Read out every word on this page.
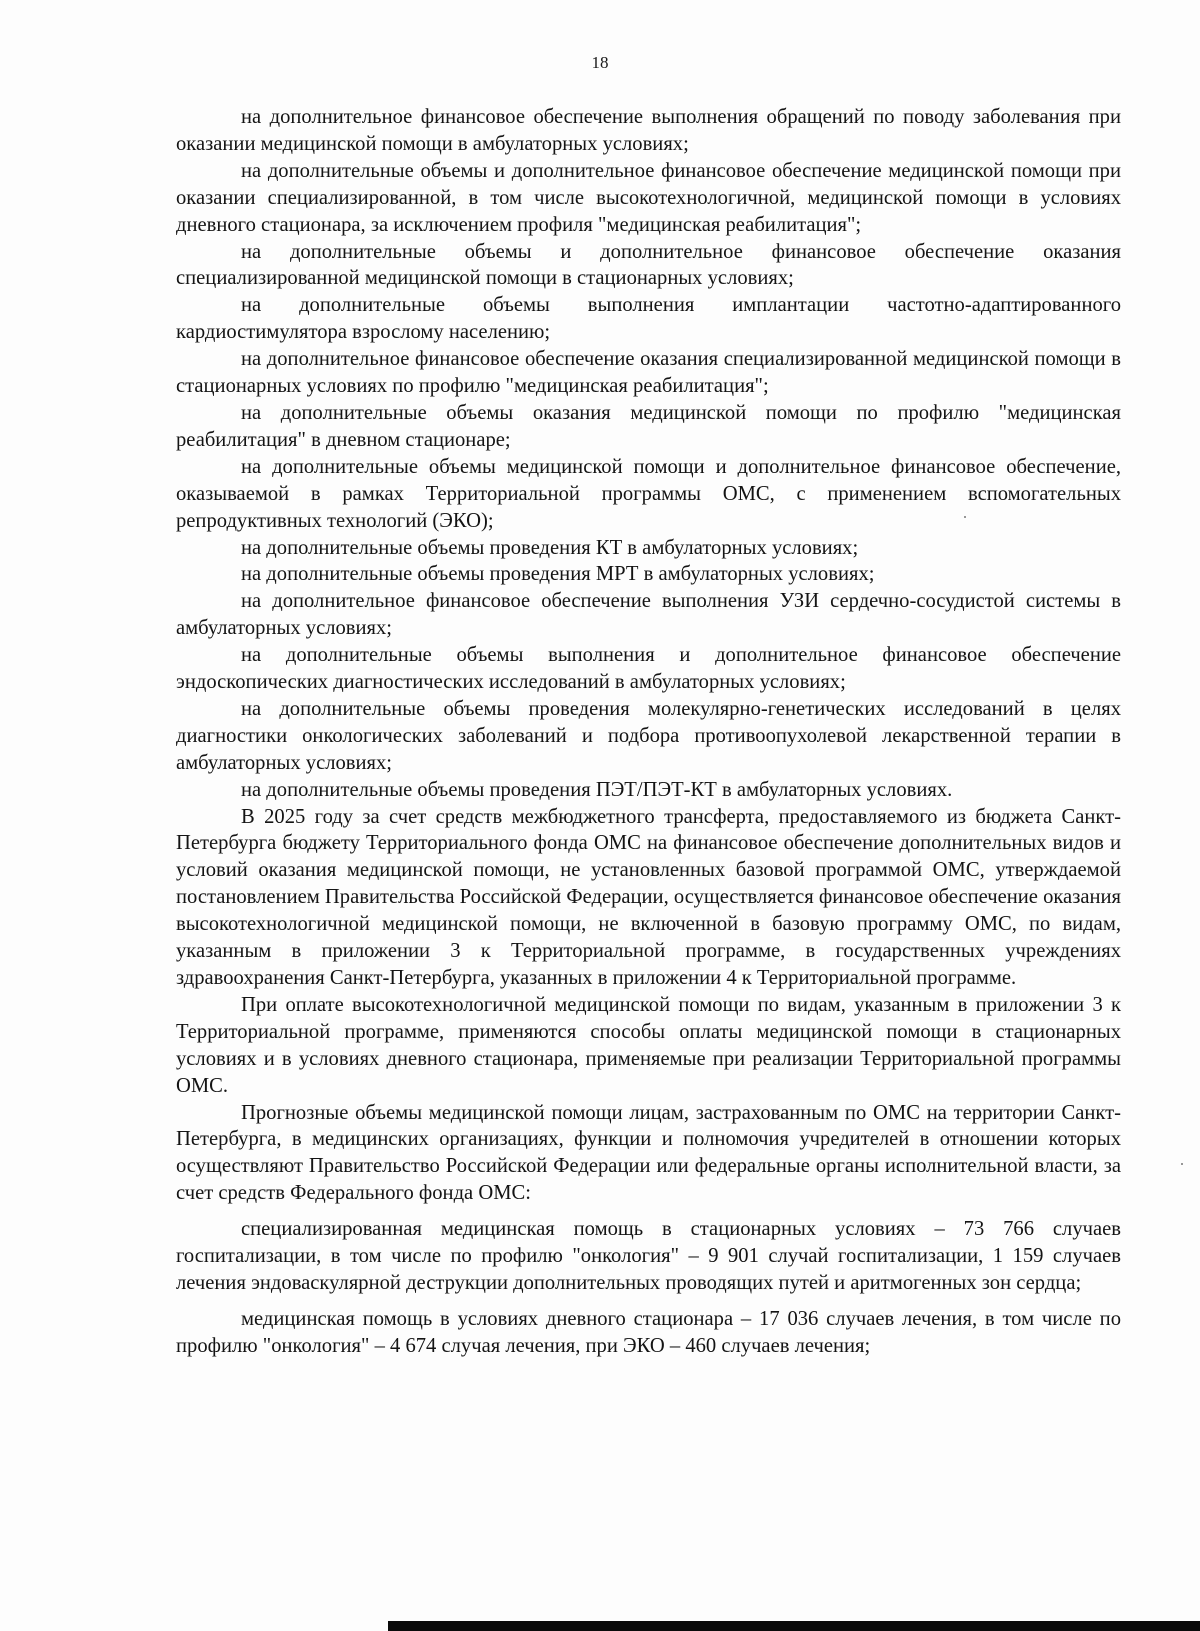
18

на дополнительное финансовое обеспечение выполнения обращений по поводу заболевания при оказании медицинской помощи в амбулаторных условиях;

на дополнительные объемы и дополнительное финансовое обеспечение медицинской помощи при оказании специализированной, в том числе высокотехнологичной, медицинской помощи в условиях дневного стационара, за исключением профиля "медицинская реабилитация";

на дополнительные объемы и дополнительное финансовое обеспечение оказания специализированной медицинской помощи в стационарных условиях;

на дополнительные объемы выполнения имплантации частотно-адаптированного кардиостимулятора взрослому населению;

на дополнительное финансовое обеспечение оказания специализированной медицинской помощи в стационарных условиях по профилю "медицинская реабилитация";

на дополнительные объемы оказания медицинской помощи по профилю "медицинская реабилитация" в дневном стационаре;

на дополнительные объемы медицинской помощи и дополнительное финансовое обеспечение, оказываемой в рамках Территориальной программы ОМС, с применением вспомогательных репродуктивных технологий (ЭКО);

на дополнительные объемы проведения КТ в амбулаторных условиях;

на дополнительные объемы проведения МРТ в амбулаторных условиях;

на дополнительное финансовое обеспечение выполнения УЗИ сердечно-сосудистой системы в амбулаторных условиях;

на дополнительные объемы выполнения и дополнительное финансовое обеспечение эндоскопических диагностических исследований в амбулаторных условиях;

на дополнительные объемы проведения молекулярно-генетических исследований в целях диагностики онкологических заболеваний и подбора противоопухолевой лекарственной терапии в амбулаторных условиях;

на дополнительные объемы проведения ПЭТ/ПЭТ-КТ в амбулаторных условиях.

В 2025 году за счет средств межбюджетного трансферта, предоставляемого из бюджета Санкт-Петербурга бюджету Территориального фонда ОМС на финансовое обеспечение дополнительных видов и условий оказания медицинской помощи, не установленных базовой программой ОМС, утверждаемой постановлением Правительства Российской Федерации, осуществляется финансовое обеспечение оказания высокотехнологичной медицинской помощи, не включенной в базовую программу ОМС, по видам, указанным в приложении 3 к Территориальной программе, в государственных учреждениях здравоохранения Санкт-Петербурга, указанных в приложении 4 к Территориальной программе.

При оплате высокотехнологичной медицинской помощи по видам, указанным в приложении 3 к Территориальной программе, применяются способы оплаты медицинской помощи в стационарных условиях и в условиях дневного стационара, применяемые при реализации Территориальной программы ОМС.

Прогнозные объемы медицинской помощи лицам, застрахованным по ОМС на территории Санкт-Петербурга, в медицинских организациях, функции и полномочия учредителей в отношении которых осуществляют Правительство Российской Федерации или федеральные органы исполнительной власти, за счет средств Федерального фонда ОМС:

специализированная медицинская помощь в стационарных условиях – 73 766 случаев госпитализации, в том числе по профилю "онкология" – 9 901 случай госпитализации, 1 159 случаев лечения эндоваскулярной деструкции дополнительных проводящих путей и аритмогенных зон сердца;

медицинская помощь в условиях дневного стационара – 17 036 случаев лечения, в том числе по профилю "онкология" – 4 674 случая лечения, при ЭКО – 460 случаев лечения;
